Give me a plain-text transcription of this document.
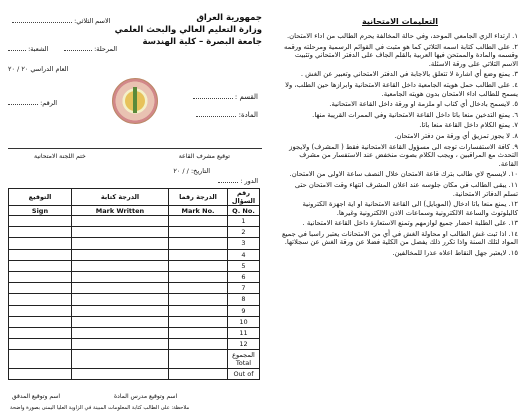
جمهورية العراق
وزارة التعليم العالي والبحث العلمي
جامعة البصرة – كلية الهندسة
الاسم الثلاثي:
المرحلة:
الشعبة:
العام الدراسي ٢٠ / ٢٠
الرقم:
القسم :
المادة:
توقيع مشرف القاعة
ختم اللجنة الامتحانية
التاريخ: / / ٢٠
الدور :
التوقيع	الدرجة كتابة	الدرجة رقما	رقم السؤال
Sign	Mark Written	Mark No.	Q. No.
			1
			2
			3
			4
			5
			6
			7
			8
			9
			10
			11
			12

			المجموع
Total

			Out of
اسم وتوقيع مدرس المادة
اسم وتوقيع المدقق
ملاحظة: على الطالب كتابة المعلومات المبينة في الزاوية العليا اليمنى بصورة واضحة
التعليمات الامتحانية
١. ارتداء الزي الجامعي الموحد، وفي حالة المخالفة يحرم الطالب من اداء الامتحان.
٢. على الطالب كتابة اسمه الثلاثي كما هو مثبت في القوائم الرسمية ومرحلته ورقمه وقسمه والمادة والممتحن فيها العربية بالقلم الجاف على الدفتر الامتحاني وتثبيت الاسم الثلاثي على ورقة الاسئلة.
٣. يمنع وضع أي اشارة لا تتعلق بالاجابة في الدفتر الامتحاني وتعبير عن الغش .
٤. على الطالب حمل هويته الجامعية داخل القاعة الامتحانية وابرازها حين الطلب، ولا يسمح للطالب اداء الامتحان بدون هويته الجامعية.
٥. لايسمح بادخال أي كتاب او ملزمة او ورقة داخل القاعة الامتحانية.
٦. يمنع التدخين منعا باتا داخل القاعة الامتحانية وفي الممرات القريبة منها.
٧. يمنع الكلام داخل القاعة منعا باتا.
٨. لا يجوز تمزيق أي ورقة من دفتر الامتحان.
٩. كافة الاستفسارات توجه الى مسؤول القاعة الامتحانية فقط ( المشرف) ولايجوز التحدث مع المراقبين ، ويجب الكلام بصوت منخفض عند الاستفسار من مشرف القاعة.
١٠. لايسمح لاي طالب بترك قاعة الامتحان خلال النصف ساعة الاولى من الامتحان.
١١. يبقى الطالب في مكان جلوسه عند اعلان المشرف انتهاء وقت الامتحان حتى تسلم الدفاتر الامتحانية.
١٢. يمنع منعا باتا ادخال (الموبايل) الى القاعة الامتحانية او اية اجهزة الكترونية كالبلوتوث والساعة الالكترونية وسماعات الاذن الالكترونية وغيرها.
١٣. على الطلبة احضار جميع لوازمهم وتمنع الاستعارة داخل القاعة الامتحانية .
١٤. اذا ثبت غش الطالب او محاولة الغش في أي من الامتحانات يعتبر راسبا في جميع المواد لتلك السنة واذا تكرر ذلك يفصل من الكلية فضلا عن ورقة الغش عن سجلاتها.
١٥. لايعتبر جهل النقاط اعلاه عذرا للمخالفين.
